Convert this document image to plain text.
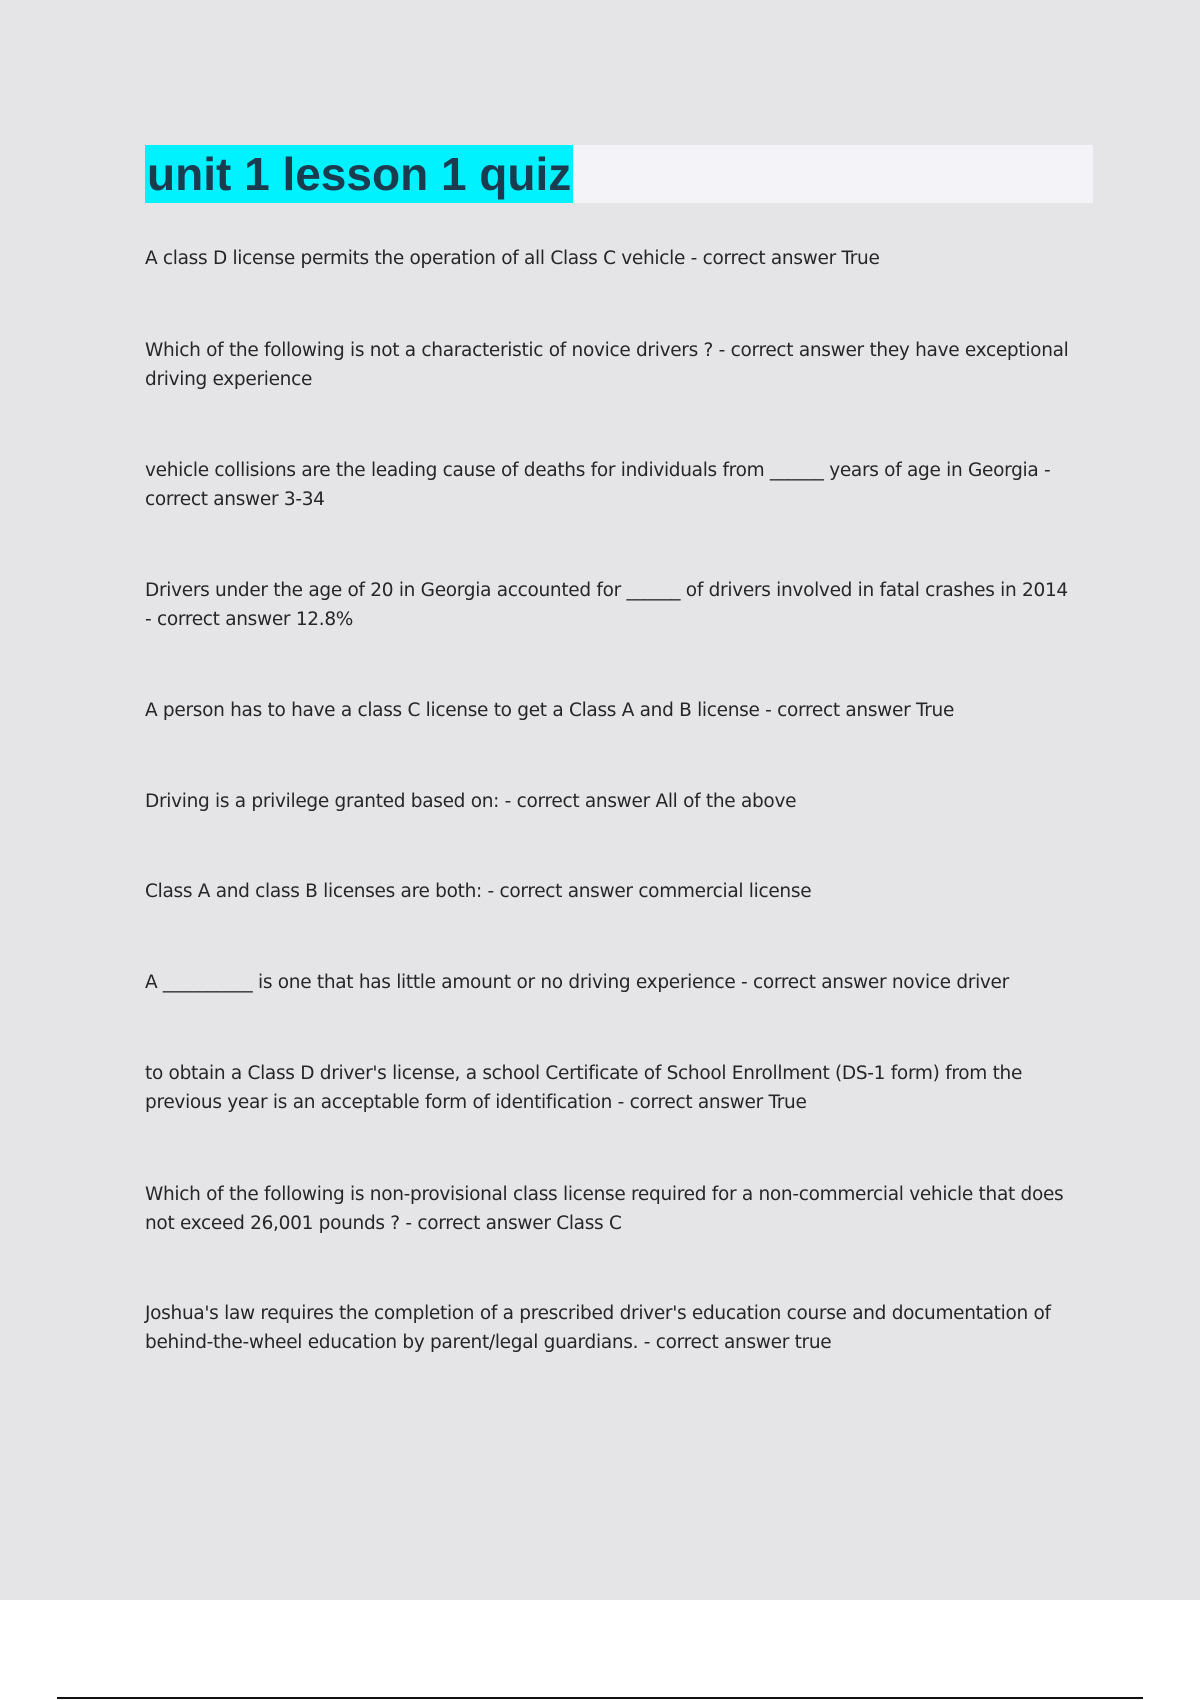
unit 1 lesson 1 quiz
A class D license permits the operation of all Class C vehicle - correct answer True
Which of the following is not a characteristic of novice drivers ? - correct answer they have exceptional driving experience
vehicle collisions are the leading cause of deaths for individuals from ______ years of age in Georgia - correct answer 3-34
Drivers under the age of 20 in Georgia accounted for ______ of drivers involved in fatal crashes in 2014 - correct answer 12.8%
A person has to have a class C license to get a Class A and B license - correct answer True
Driving is a privilege granted based on: - correct answer All of the above
Class A and class B licenses are both: - correct answer commercial license
A __________ is one that has little amount or no driving experience - correct answer novice driver
to obtain a Class D driver's license, a school Certificate of School Enrollment (DS-1 form) from the previous year is an acceptable form of identification - correct answer True
Which of the following is non-provisional class license required for a non-commercial vehicle that does not exceed 26,001 pounds ? - correct answer Class C
Joshua's law requires the completion of a prescribed driver's education course and documentation of behind-the-wheel education by parent/legal guardians. - correct answer true
